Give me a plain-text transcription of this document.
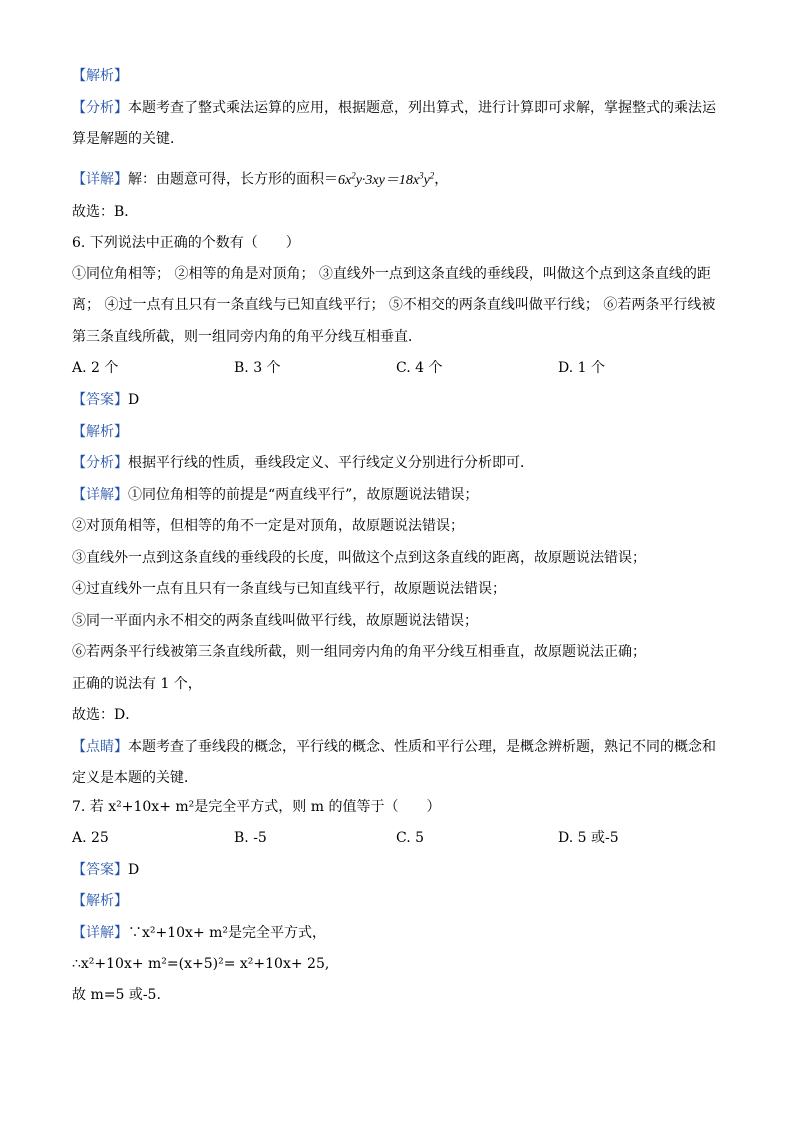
【解析】
【分析】本题考查了整式乘法运算的应用，根据题意，列出算式，进行计算即可求解，掌握整式的乘法运
算是解题的关键．
【详解】解：由题意可得，长方形的面积$=6x^2y\cdot 3xy=18x^3y^2$，
故选：B．
6. 下列说法中正确的个数有（　　）
①同位角相等； ②相等的角是对顶角； ③直线外一点到这条直线的垂线段，叫做这个点到这条直线的距
离； ④过一点有且只有一条直线与已知直线平行； ⑤不相交的两条直线叫做平行线； ⑥若两条平行线被
第三条直线所截，则一组同旁内角的角平分线互相垂直．
A. 2 个	B. 3 个	C. 4 个	D. 1 个
【答案】D
【解析】
【分析】根据平行线的性质，垂线段定义、平行线定义分别进行分析即可．
【详解】①同位角相等的前提是“两直线平行”，故原题说法错误；
②对顶角相等，但相等的角不一定是对顶角，故原题说法错误；
③直线外一点到这条直线的垂线段的长度，叫做这个点到这条直线的距离，故原题说法错误；
④过直线外一点有且只有一条直线与已知直线平行，故原题说法错误；
⑤同一平面内永不相交的两条直线叫做平行线，故原题说法错误；
⑥若两条平行线被第三条直线所截，则一组同旁内角的角平分线互相垂直，故原题说法正确；
正确的说法有 1 个，
故选：D．
【点睛】本题考查了垂线段的概念，平行线的概念、性质和平行公理，是概念辨析题，熟记不同的概念和
定义是本题的关键．
7. 若 x²+10x+ m²是完全平方式，则 m 的值等于（　　）
A. 25	B. -5	C. 5	D. 5 或-5
【答案】D
【解析】
【详解】∵x²+10x+ m²是完全平方式，
∴x²+10x+ m²=(x+5)²= x²+10x+ 25,
故 m=5 或-5.
